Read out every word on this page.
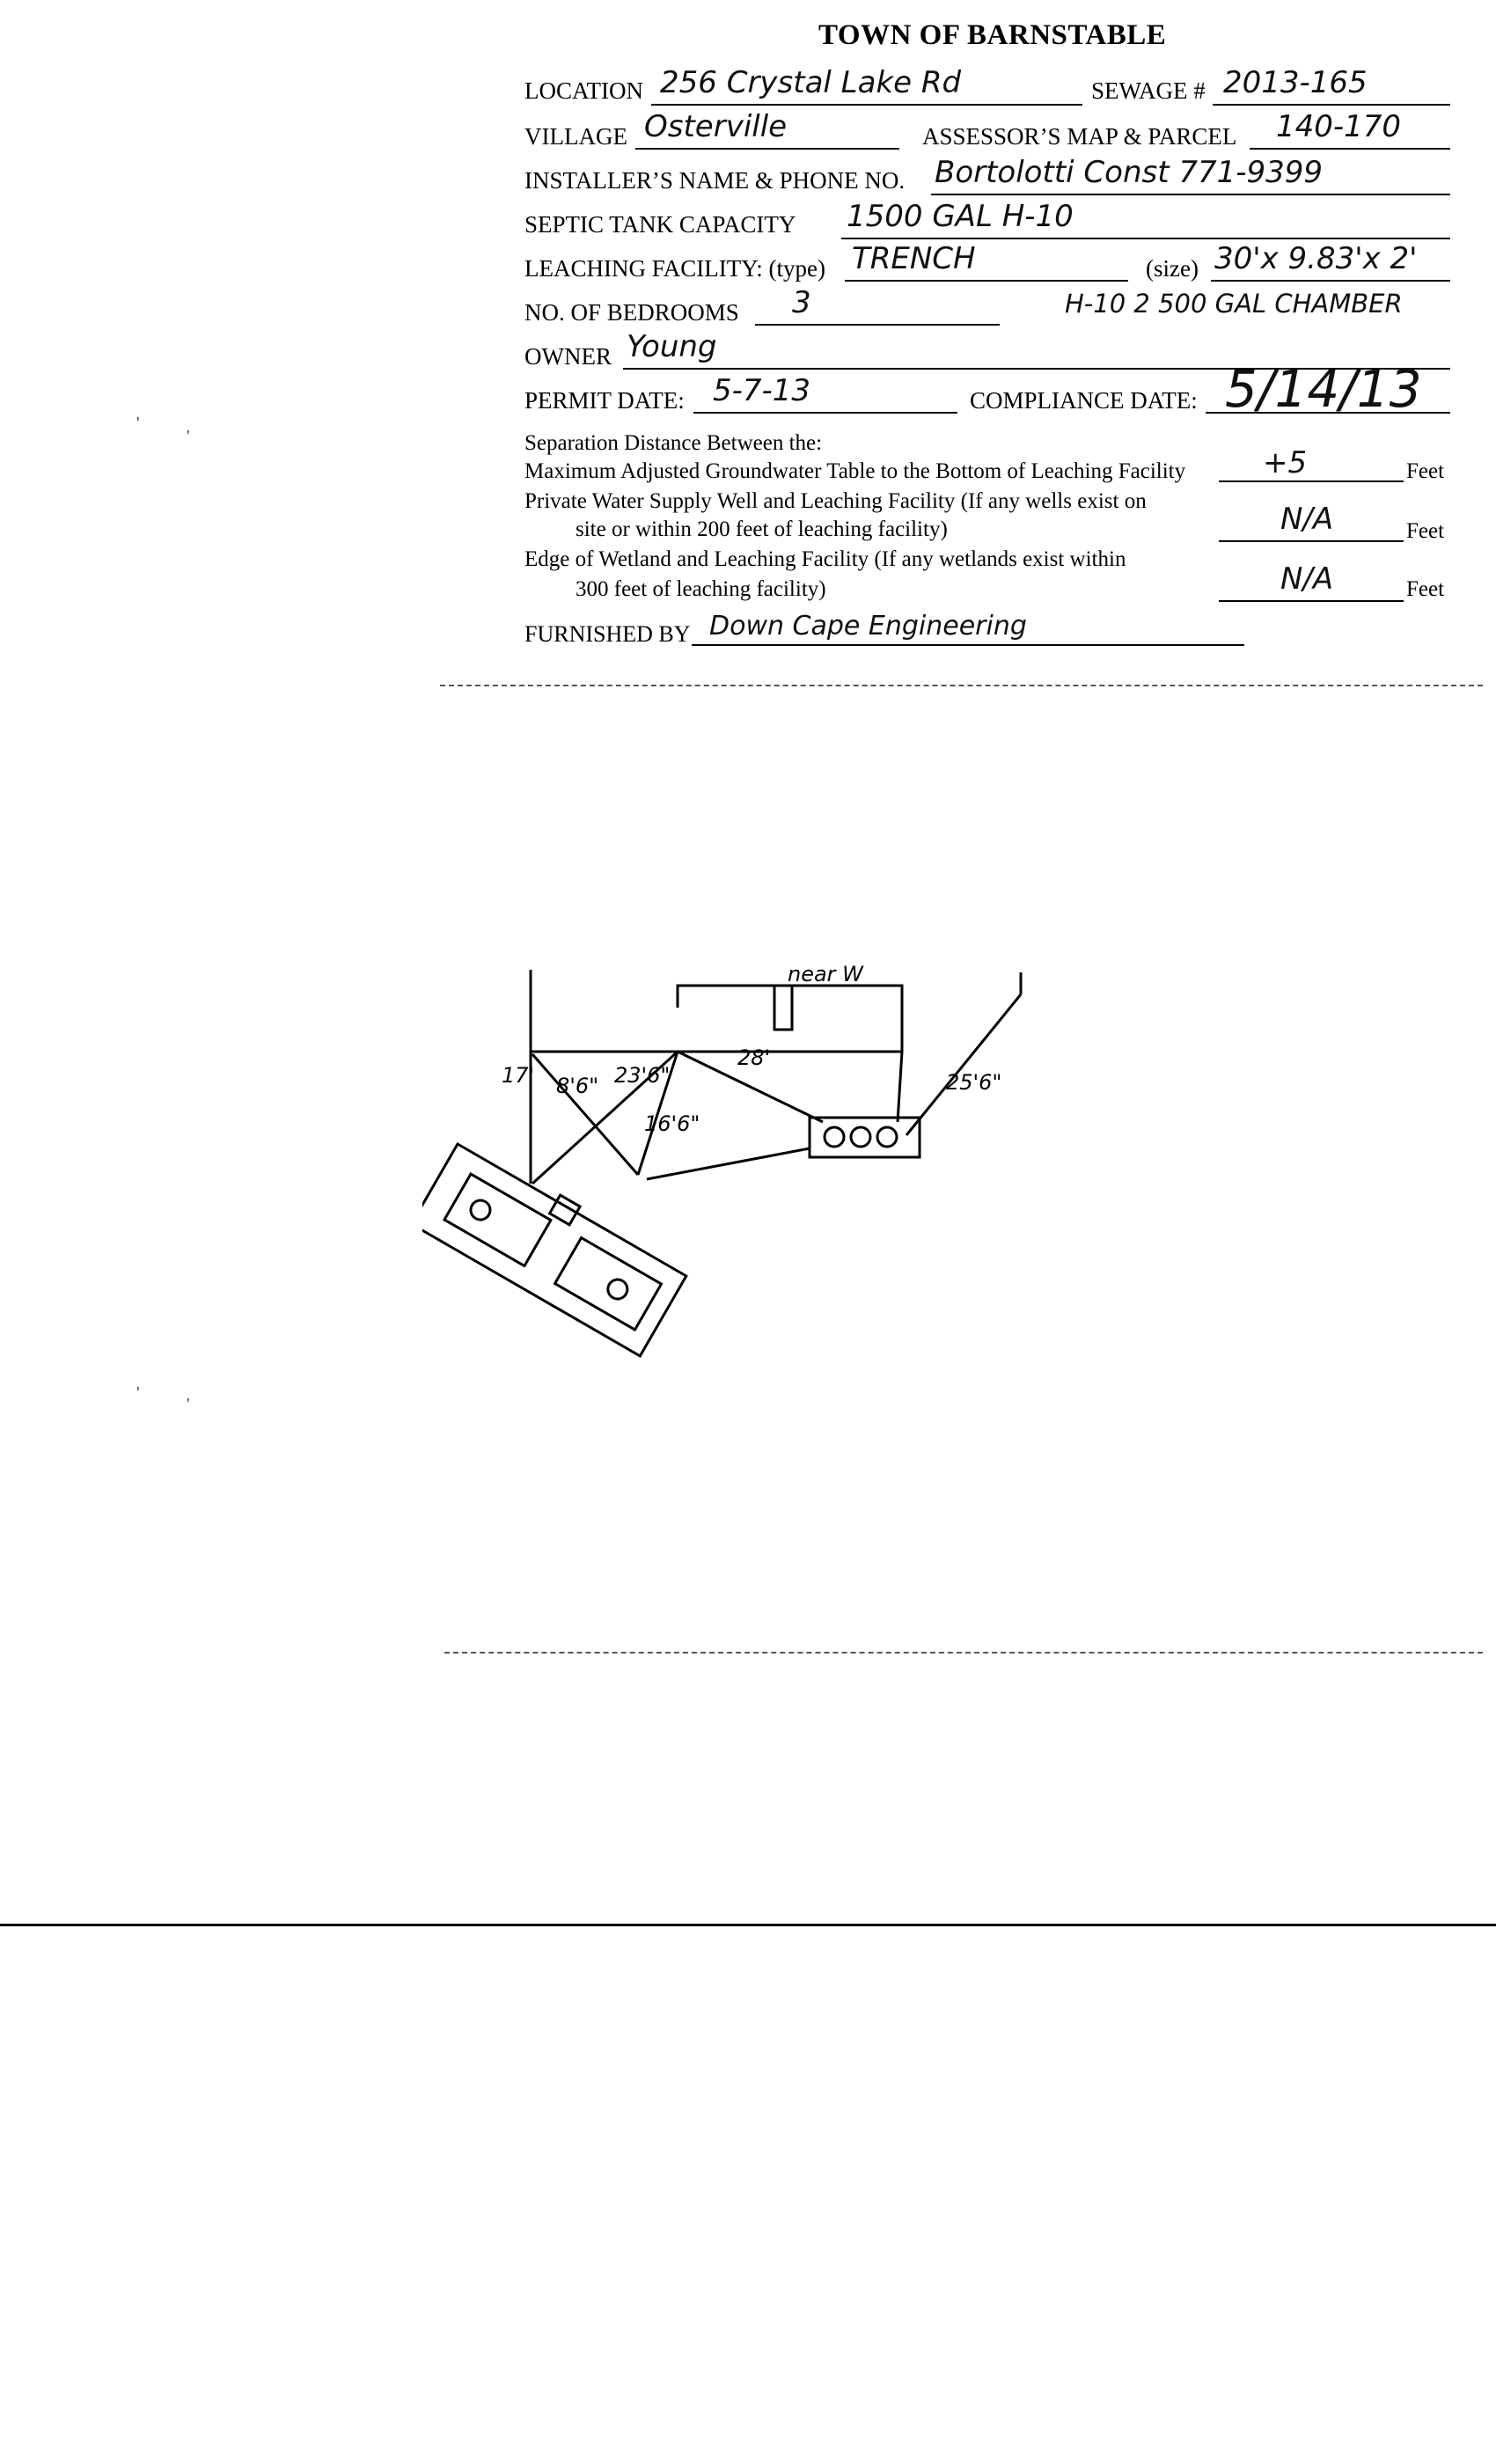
TOWN OF BARNSTABLE
LOCATION 256 Crystal Lake Rd	SEWAGE # 2013-165
VILLAGE Osterville	ASSESSOR’S MAP & PARCEL 140-170
INSTALLER’S NAME & PHONE NO. Bortolotti Const 771-9399
SEPTIC TANK CAPACITY 1500 GAL H-10
LEACHING FACILITY: (type) TRENCH	(size) 30'x 9.83'x 2'
NO. OF BEDROOMS 3	H-10 2 500 GAL CHAMBER
OWNER Young
PERMIT DATE: 5-7-13	COMPLIANCE DATE: 5/14/13
Separation Distance Between the:
Maximum Adjusted Groundwater Table to the Bottom of Leaching Facility	+5	Feet
Private Water Supply Well and Leaching Facility (If any wells exist on
site or within 200 feet of leaching facility)	N/A	Feet
Edge of Wetland and Leaching Facility (If any wetlands exist within
300 feet of leaching facility)	N/A	Feet
FURNISHED BY Down Cape Engineering
'
'
'
'
near W
17' 8'6" 23'6"
28'
16'6"
25'6"
